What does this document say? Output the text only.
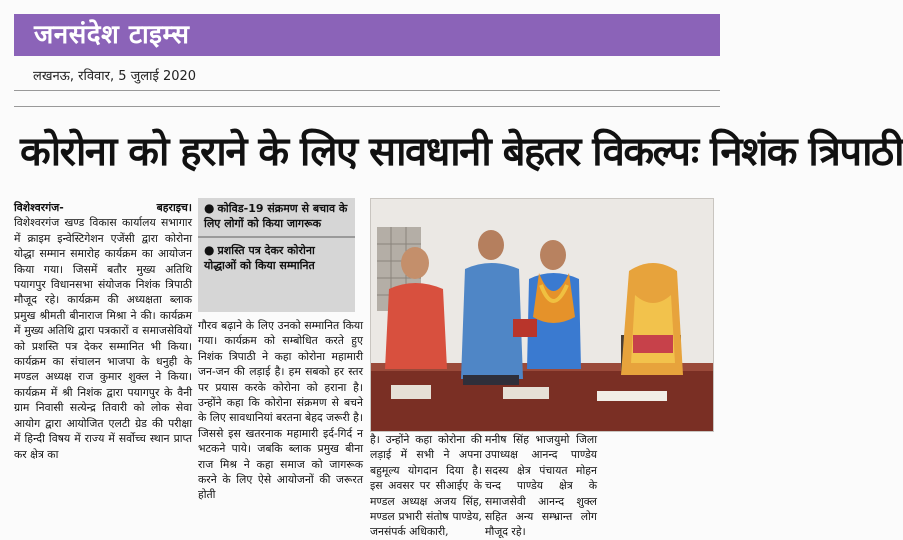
जनसंदेश टाइम्स
लखनऊ, रविवार, 5 जुलाई 2020
कोरोना को हराने के लिए सावधानी बेहतर विकल्पः निशंक त्रिपाठी
विशेश्वरगंज-	बहराइच।

विशेश्वरगंज खण्ड विकास कार्यालय सभागार में क्राइम इन्वेस्टिगेशन एजेंसी द्वारा कोरोना योद्धा सम्मान समारोह कार्यक्रम का आयोजन किया गया। जिसमें बतौर मुख्य अतिथि पयागपुर विधानसभा संयोजक निशंक त्रिपाठी मौजूद रहे। कार्यक्रम की अध्यक्षता ब्लाक प्रमुख श्रीमती बीनाराज मिश्रा ने की। कार्यक्रम में मुख्य अतिथि द्वारा पत्रकारों व समाजसेवियों को प्रशस्ति पत्र देकर सम्मानित भी किया। कार्यक्रम का संचालन भाजपा के धनुही के मण्डल अध्यक्ष राज कुमार शुक्ल ने किया। कार्यक्रम में श्री निशंक द्वारा पयागपुर के वैनी ग्राम निवासी सत्येन्द्र तिवारी को लोक सेवा आयोग द्वारा आयोजित एलटी ग्रेड की परीक्षा में हिन्दी विषय में राज्य में सर्वोच्च स्थान प्राप्त कर क्षेत्र का

● कोविड-19 संक्रमण से बचाव के लिए लोगों को किया जागरूक
● प्रशस्ति पत्र देकर कोरोना योद्धाओं को किया सम्मानित

गौरव बढ़ाने के लिए उनको सम्मानित किया गया। कार्यक्रम को सम्बोधित करते हुए निशंक त्रिपाठी ने कहा कोरोना महामारी जन-जन की लड़ाई है। हम सबको हर स्तर पर प्रयास करके कोरोना को हराना है। उन्होंने कहा कि कोरोना संक्रमण से बचने के लिए सावधानियां बरतना बेहद जरूरी है। जिससे इस खतरनाक महामारी इर्द-गिर्द न भटकने पाये। जबकि ब्लाक प्रमुख बीना राज मिश्र ने कहा समाज को जागरूक करने के लिए ऐसे आयोजनों की जरूरत होती

है। उन्होंने कहा कोरोना की लड़ाई में सभी ने अपना बहुमूल्य योगदान दिया है। इस अवसर पर सीआईए के मण्डल अध्यक्ष अजय सिंह, मण्डल प्रभारी संतोष पाण्डेय, जनसंपर्क अधिकारी,

मनीष सिंह भाजयुमो जिला उपाध्यक्ष आनन्द पाण्डेय सदस्य क्षेत्र पंचायत मोहन चन्द पाण्डेय क्षेत्र के समाजसेवी आनन्द शुक्ल सहित अन्य सम्भ्रान्त लोग मौजूद रहे।
